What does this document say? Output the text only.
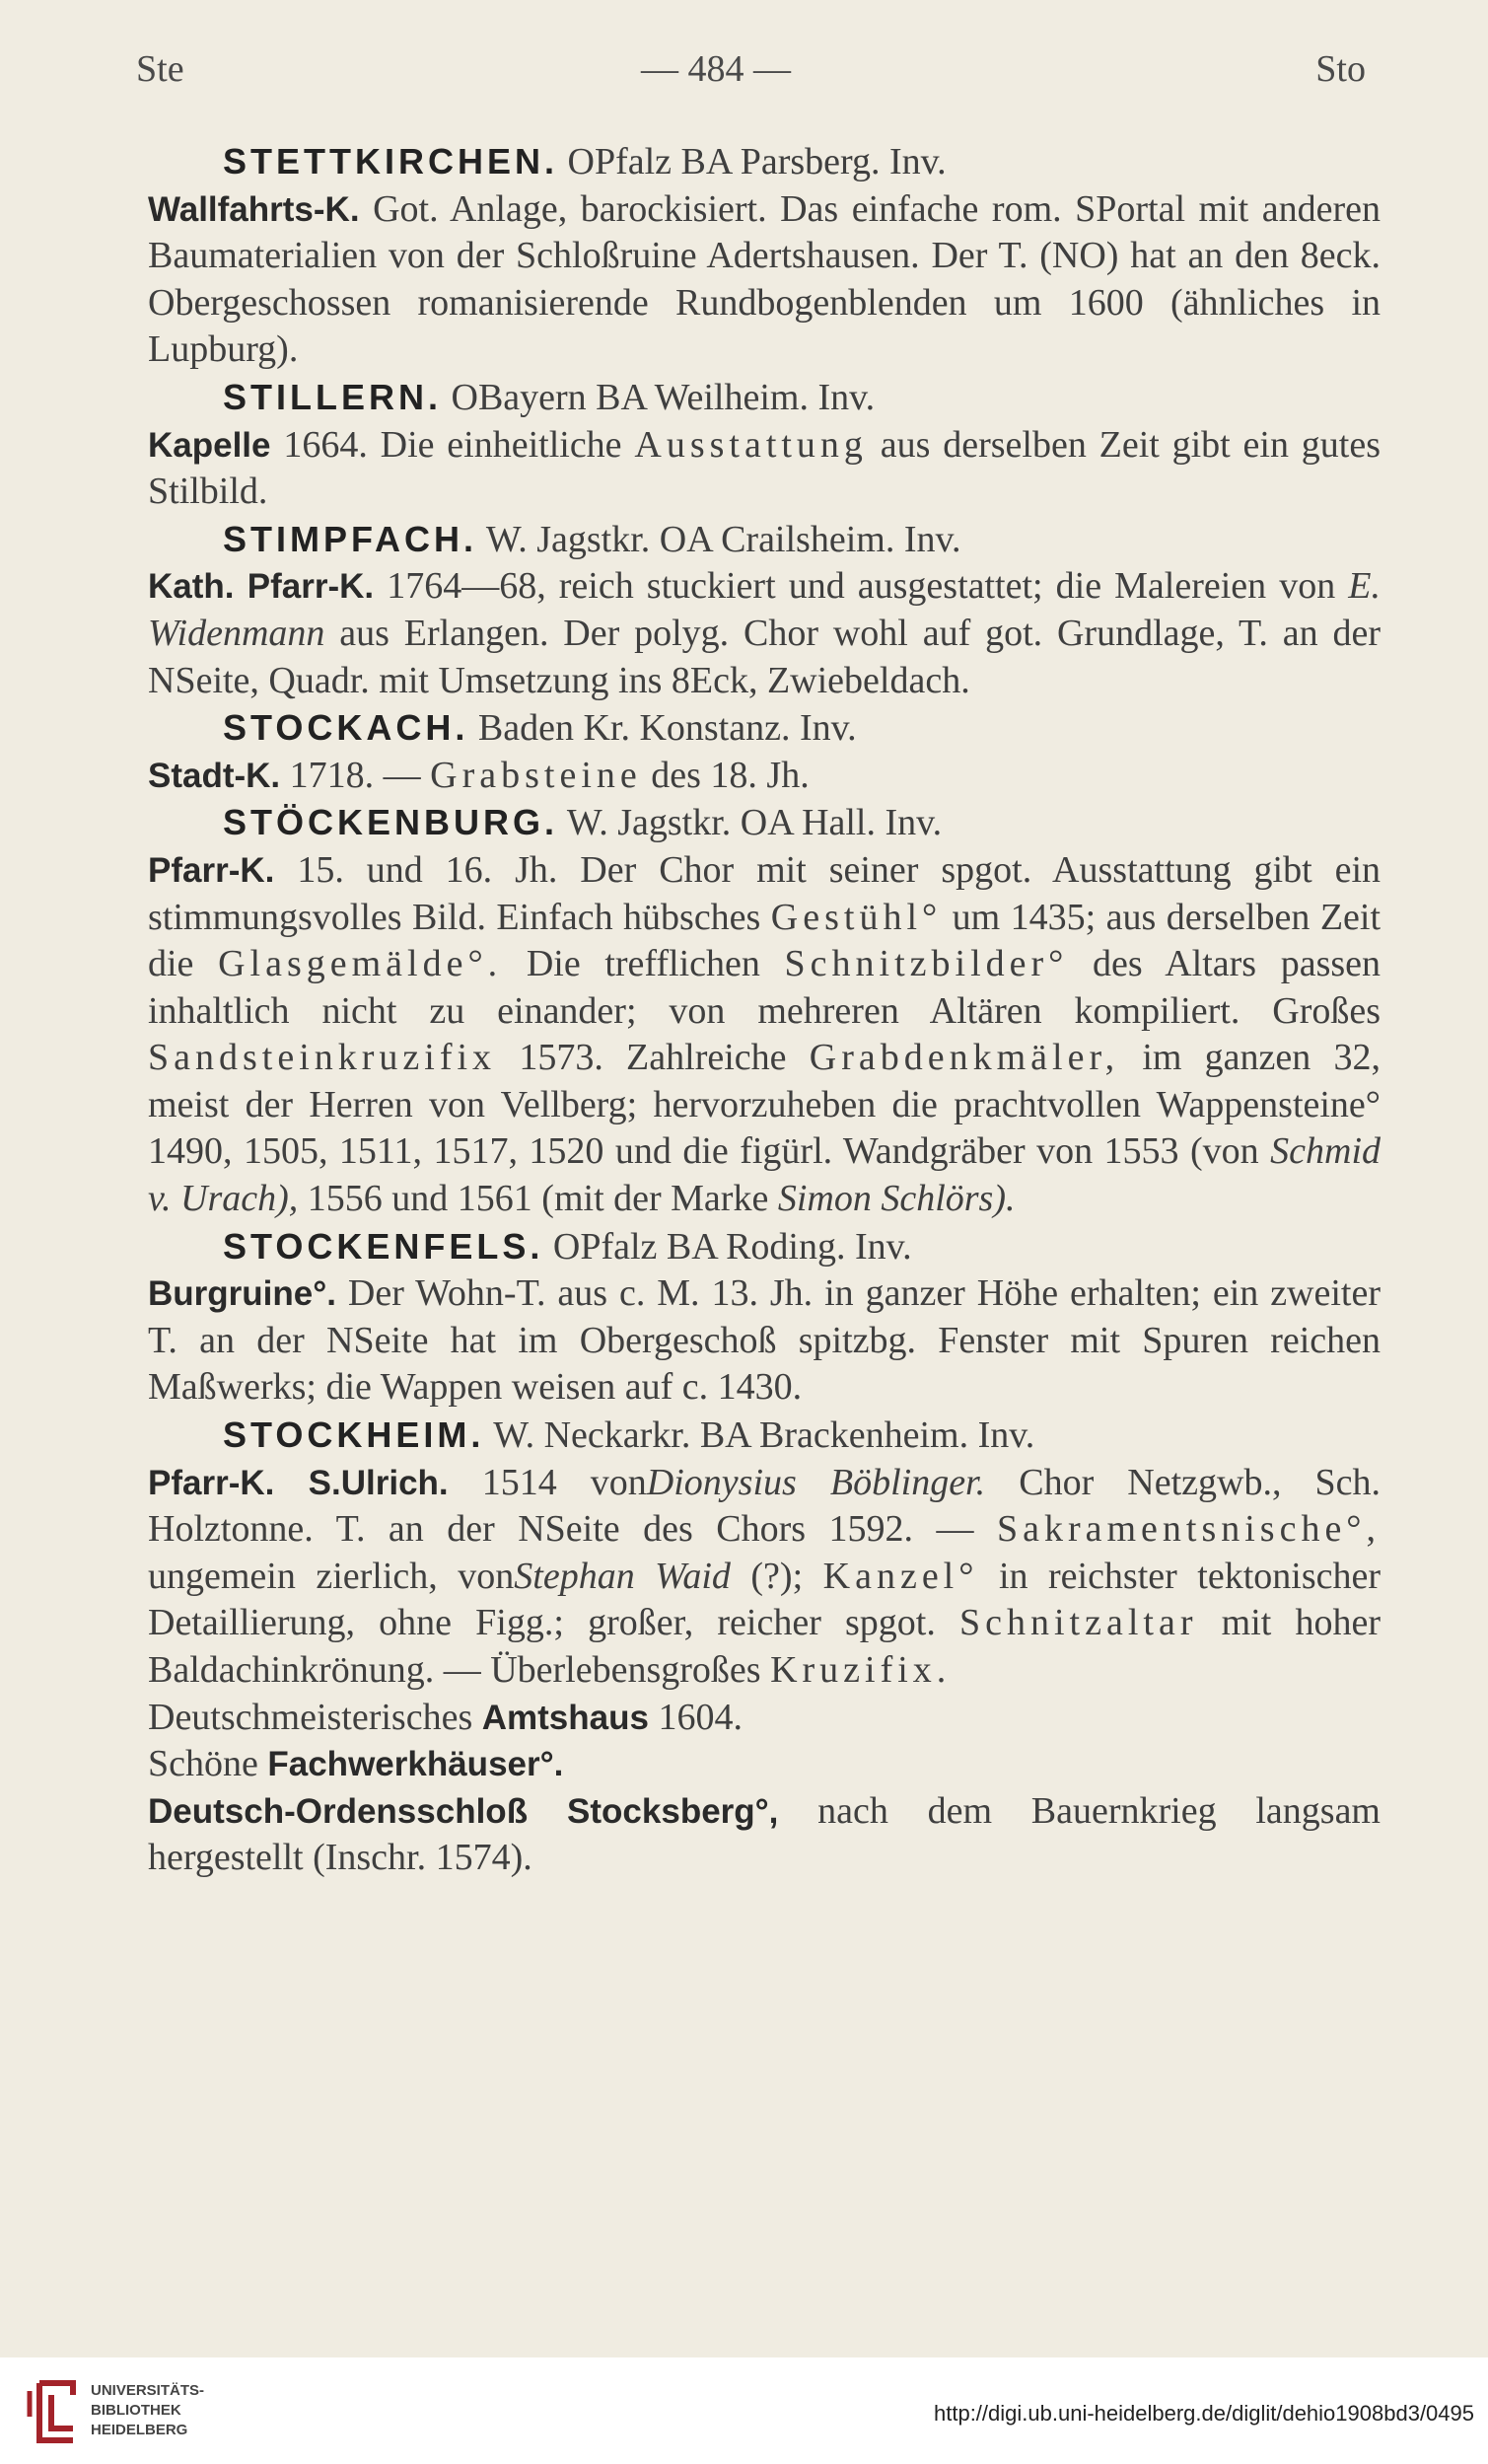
Ste	— 484 —	Sto

STETTKIRCHEN. OPfalz BA Parsberg. Inv.

Wallfahrts-K. Got. Anlage, barockisiert. Das einfache rom. SPortal mit anderen Baumaterialien von der Schloßruine Adertshausen. Der T. (NO) hat an den 8eck. Obergeschossen romanisierende Rundbogenblenden um 1600 (ähnliches in Lupburg).

STILLERN. OBayern BA Weilheim. Inv.

Kapelle 1664. Die einheitliche Ausstattung aus derselben Zeit gibt ein gutes Stilbild.

STIMPFACH. W. Jagstkr. OA Crailsheim. Inv.

Kath. Pfarr-K. 1764—68, reich stuckiert und ausgestattet; die Malereien von E. Widenmann aus Erlangen. Der polyg. Chor wohl auf got. Grundlage, T. an der NSeite, Quadr. mit Umsetzung ins 8Eck, Zwiebeldach.

STOCKACH. Baden Kr. Konstanz. Inv.

Stadt-K. 1718. — Grabsteine des 18. Jh.

STÖCKENBURG. W. Jagstkr. OA Hall. Inv.

Pfarr-K. 15. und 16. Jh. Der Chor mit seiner spgot. Ausstattung gibt ein stimmungsvolles Bild. Einfach hübsches Gestühl° um 1435; aus derselben Zeit die Glasgemälde°. Die trefflichen Schnitzbilder° des Altars passen inhaltlich nicht zu einander; von mehreren Altären kompiliert. Großes Sandsteinkruzifix 1573. Zahlreiche Grabdenkmäler, im ganzen 32, meist der Herren von Vellberg; hervorzuheben die prachtvollen Wappensteine° 1490, 1505, 1511, 1517, 1520 und die figürl. Wandgräber von 1553 (von Schmid v. Urach), 1556 und 1561 (mit der Marke Simon Schlörs).

STOCKENFELS. OPfalz BA Roding. Inv.

Burgruine°. Der Wohn-T. aus c. M. 13. Jh. in ganzer Höhe erhalten; ein zweiter T. an der NSeite hat im Obergeschoß spitzbg. Fenster mit Spuren reichen Maßwerks; die Wappen weisen auf c. 1430.

STOCKHEIM. W. Neckarkr. BA Brackenheim. Inv.

Pfarr-K. S.Ulrich. 1514 vonDionysius Böblinger. Chor Netzgwb., Sch. Holztonne. T. an der NSeite des Chors 1592. — Sakramentsnische°, ungemein zierlich, vonStephan Waid (?); Kanzel° in reichster tektonischer Detaillierung, ohne Figg.; großer, reicher spgot. Schnitzaltar mit hoher Baldachinkrönung. — Überlebensgroßes Kruzifix.

Deutschmeisterisches Amtshaus 1604.

Schöne Fachwerkhäuser°.

Deutsch-Ordensschloß Stocksberg°, nach dem Bauernkrieg langsam hergestellt (Inschr. 1574).

UNIVERSITÄTS-
BIBLIOTHEK
HEIDELBERG
http://digi.ub.uni-heidelberg.de/diglit/dehio1908bd3/0495
